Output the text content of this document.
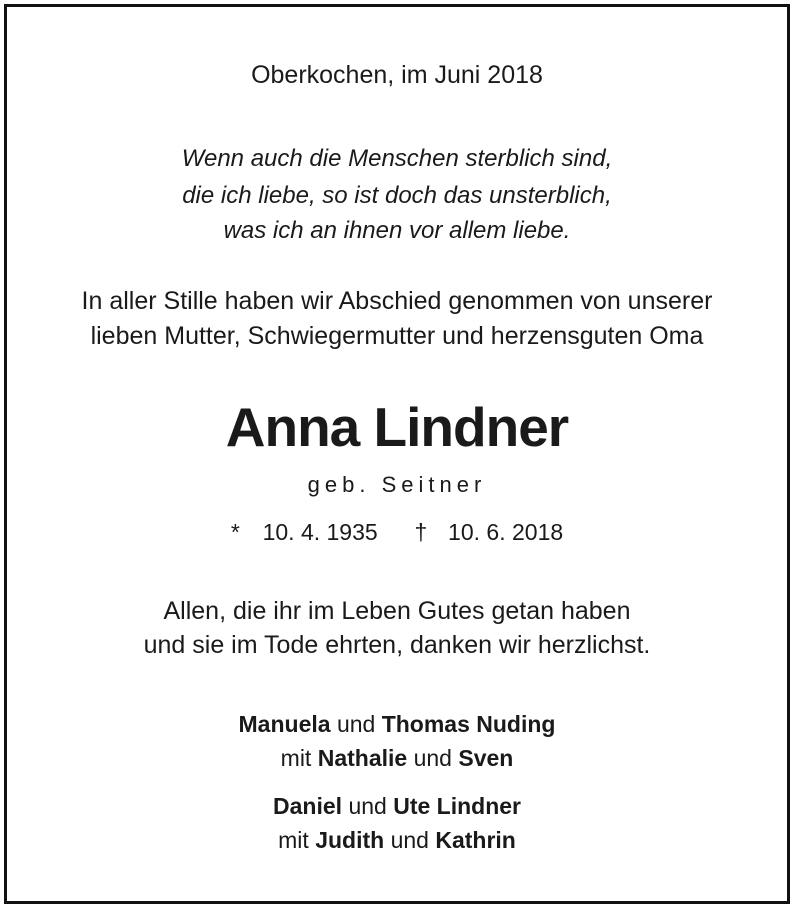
Oberkochen, im Juni 2018
Wenn auch die Menschen sterblich sind,
die ich liebe, so ist doch das unsterblich,
was ich an ihnen vor allem liebe.
In aller Stille haben wir Abschied genommen von unserer
lieben Mutter, Schwiegermutter und herzensguten Oma
Anna Lindner
geb. Seitner
* 10. 4. 1935 † 10. 6. 2018
Allen, die ihr im Leben Gutes getan haben
und sie im Tode ehrten, danken wir herzlichst.
Manuela und Thomas Nuding
mit Nathalie und Sven
Daniel und Ute Lindner
mit Judith und Kathrin
